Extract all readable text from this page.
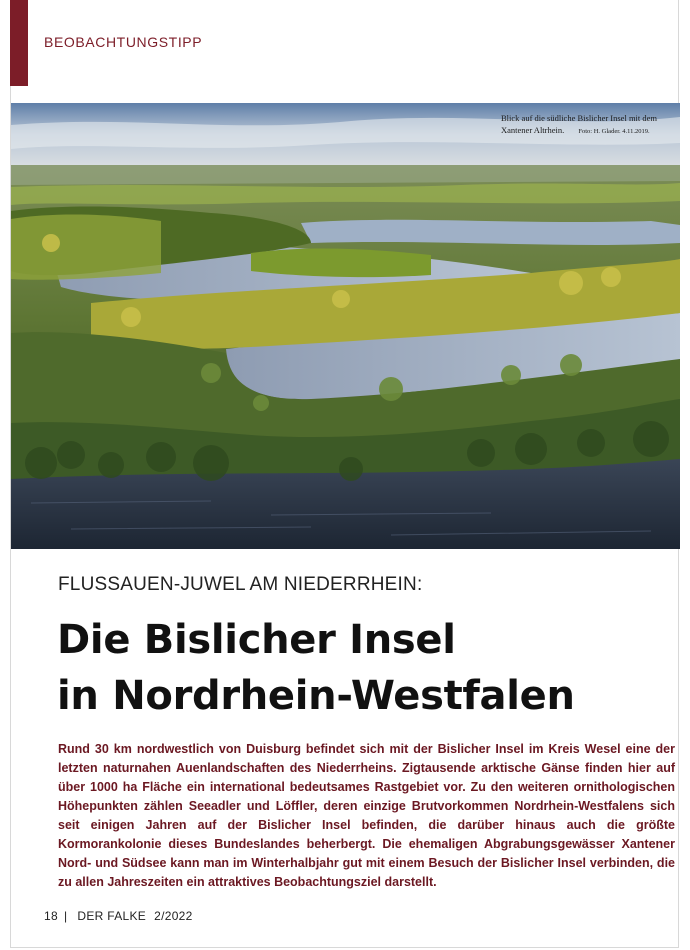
BEOBACHTUNGSTIPP
Blick auf die südliche Bislicher Insel mit dem Xantener Altrhein. Foto: H. Glader. 4.11.2019.
FLUSSAUEN-JUWEL AM NIEDERRHEIN:
Die Bislicher Insel
in Nordrhein-Westfalen

Rund 30 km nordwestlich von Duisburg befindet sich mit der Bislicher Insel im Kreis Wesel eine der letzten naturnahen Auenlandschaften des Niederrheins. Zigtausende arktische Gänse finden hier auf über 1000 ha Fläche ein international bedeutsames Rastgebiet vor. Zu den weiteren ornithologischen Höhepunkten zählen Seeadler und Löffler, deren einzige Brutvorkommen Nordrhein-Westfalens sich seit einigen Jahren auf der Bislicher Insel befinden, die darüber hinaus auch die größte Kormorankolonie dieses Bundeslandes beherbergt. Die ehemaligen Abgrabungsgewässer Xantener Nord- und Südsee kann man im Winterhalbjahr gut mit einem Besuch der Bislicher Insel verbinden, die zu allen Jahreszeiten ein attraktives Beobachtungsziel darstellt.

18 | DER FALKE 2/2022
